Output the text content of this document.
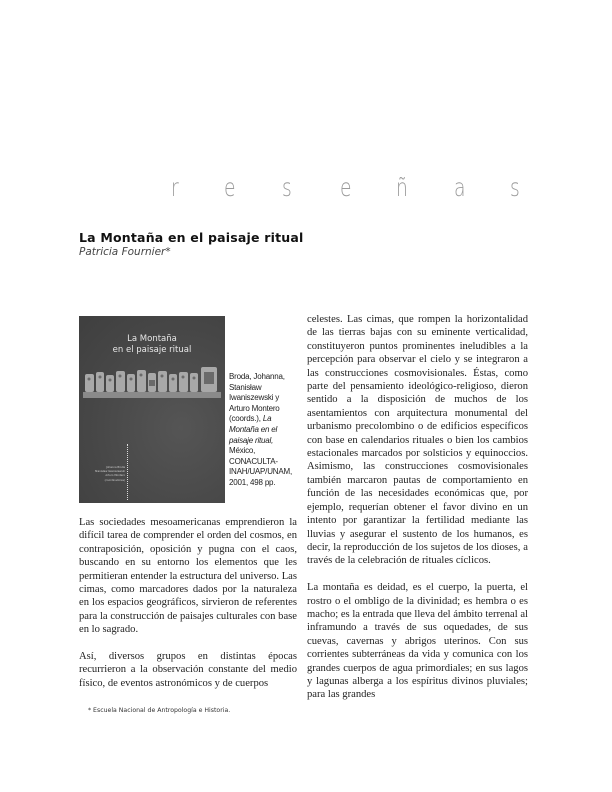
r e s e ñ a s
La Montaña en el paisaje ritual

Patricia Fournier*

La Montaña
en el paisaje ritual
Johanna Broda
Stanisław Iwaniszewski
Arturo Montero
(coordinadores)
Broda, Johanna, Stanisław Iwaniszewski y Arturo Montero (coords.), La Montaña en el paisaje ritual, México, CONACULTA-INAH/UAP/UNAM, 2001, 498 pp.

Las sociedades mesoamericanas emprendieron la difícil tarea de comprender el orden del cosmos, en contraposición, oposición y pugna con el caos, buscando en su entorno los elementos que les permitieran entender la estructura del universo. Las cimas, como marcadores dados por la naturaleza en los espacios geográficos, sirvieron de referentes para la construcción de paisajes culturales con base en lo sagrado.

Así, diversos grupos en distintas épocas recurrieron a la observación constante del medio físico, de eventos astronómicos y de cuerpos

celestes. Las cimas, que rompen la horizontalidad de las tierras bajas con su eminente verticalidad, constituyeron puntos prominentes ineludibles a la percepción para observar el cielo y se integraron a las construcciones cosmovisionales. Éstas, como parte del pensamiento ideológico-religioso, dieron sentido a la disposición de muchos de los asentamientos con arquitectura monumental del urbanismo precolombino o de edificios específicos con base en calendarios rituales o bien los cambios estacionales marcados por solsticios y equinoccios. Asimismo, las construcciones cosmovisionales también marcaron pautas de comportamiento en función de las necesidades económicas que, por ejemplo, requerían obtener el favor divino en un intento por garantizar la fertilidad mediante las lluvias y asegurar el sustento de los humanos, es decir, la reproducción de los sujetos de los dioses, a través de la celebración de rituales cíclicos.

La montaña es deidad, es el cuerpo, la puerta, el rostro o el ombligo de la divinidad; es hembra o es macho; es la entrada que lleva del ámbito terrenal al inframundo a través de sus oquedades, de sus cuevas, cavernas y abrigos uterinos. Con sus corrientes subterráneas da vida y comunica con los grandes cuerpos de agua primordiales; en sus lagos y lagunas alberga a los espíritus divinos pluviales; para las grandes

* Escuela Nacional de Antropología e Historia.
